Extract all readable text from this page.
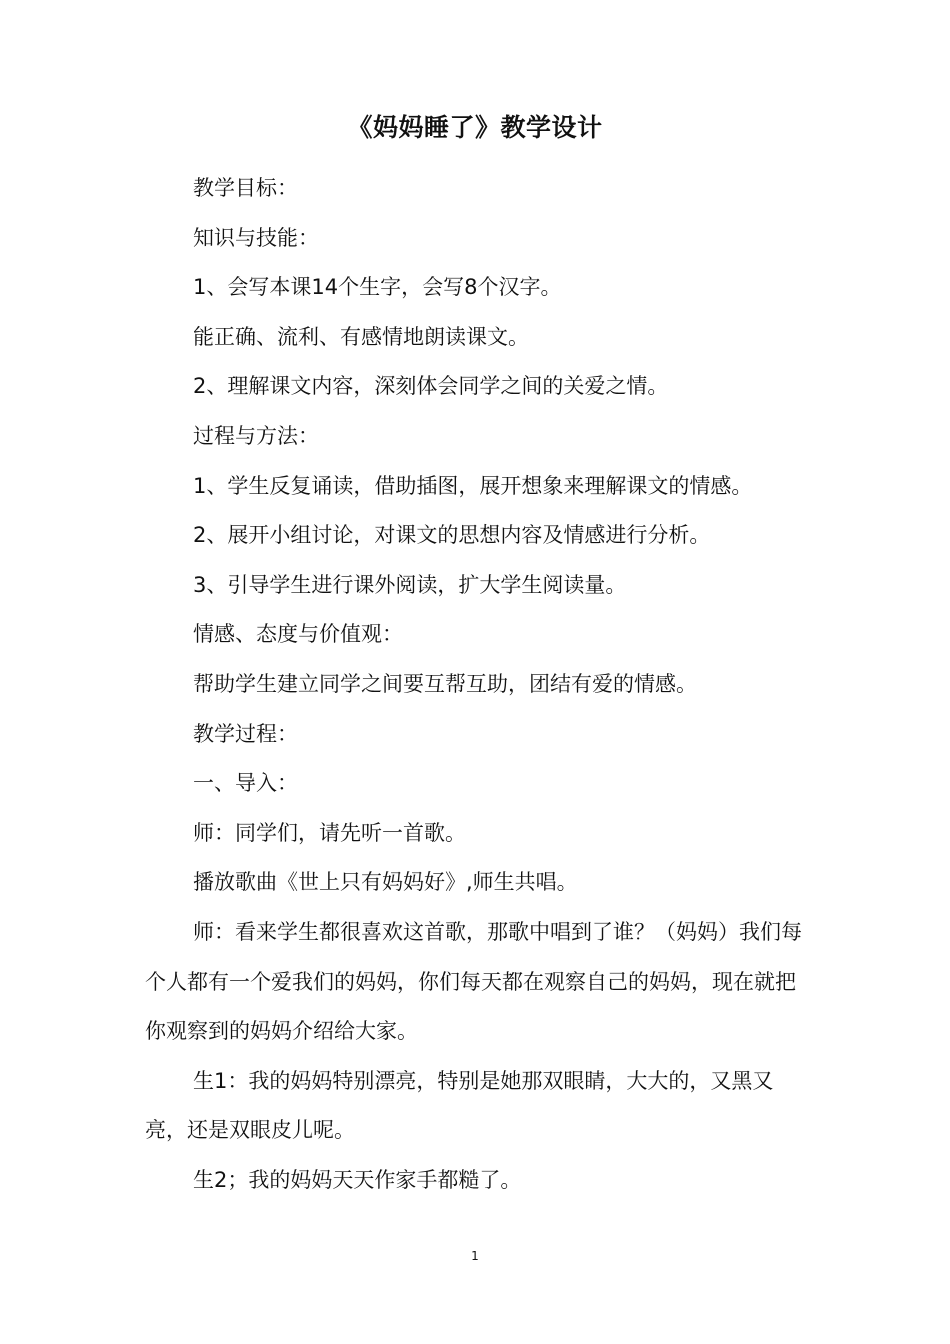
《妈妈睡了》教学设计

教学目标：

知识与技能：

1、会写本课14个生字，会写8个汉字。

能正确、流利、有感情地朗读课文。

2、理解课文内容，深刻体会同学之间的关爱之情。

过程与方法：

1、学生反复诵读，借助插图，展开想象来理解课文的情感。

2、展开小组讨论，对课文的思想内容及情感进行分析。

3、引导学生进行课外阅读，扩大学生阅读量。

情感、态度与价值观：

帮助学生建立同学之间要互帮互助，团结有爱的情感。

教学过程：

一、导入：

师：同学们，请先听一首歌。

播放歌曲《世上只有妈妈好》,师生共唱。

师：看来学生都很喜欢这首歌，那歌中唱到了谁？（妈妈）我们每个人都有一个爱我们的妈妈，你们每天都在观察自己的妈妈，现在就把你观察到的妈妈介绍给大家。

生1：我的妈妈特别漂亮，特别是她那双眼睛，大大的，又黑又亮，还是双眼皮儿呢。

生2；我的妈妈天天作家手都糙了。

1
